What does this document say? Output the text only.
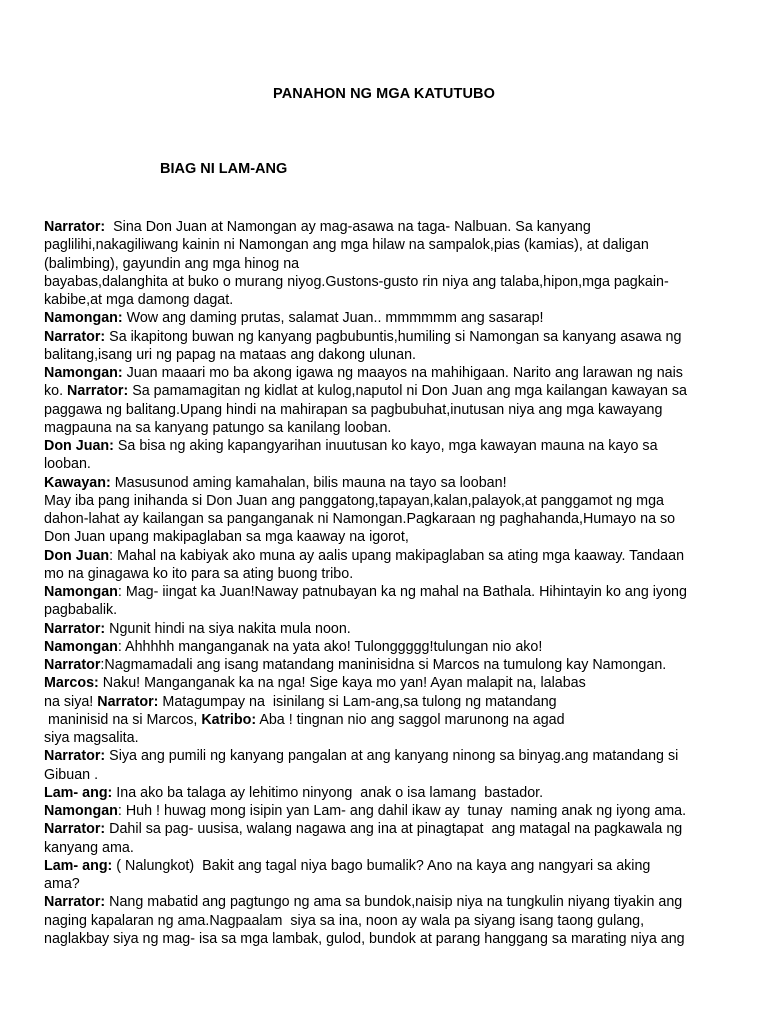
PANAHON NG MGA KATUTUBO
BIAG NI LAM-ANG
Narrator:  Sina Don Juan at Namongan ay mag-asawa na taga- Nalbuan. Sa kanyang
paglilihi,nakagiliwang kainin ni Namongan ang mga hilaw na sampalok,pias (kamias), at daligan
(balimbing), gayundin ang mga hinog na
bayabas,dalanghita at buko o murang niyog.Gustons-gusto rin niya ang talaba,hipon,mga pagkain-
kabibe,at mga damong dagat.
Namongan: Wow ang daming prutas, salamat Juan.. mmmmmm ang sasarap!
Narrator: Sa ikapitong buwan ng kanyang pagbubuntis,humiling si Namongan sa kanyang asawa ng
balitang,isang uri ng papag na mataas ang dakong ulunan.
Namongan: Juan maaari mo ba akong igawa ng maayos na mahihigaan. Narito ang larawan ng nais
ko. Narrator: Sa pamamagitan ng kidlat at kulog,naputol ni Don Juan ang mga kailangan kawayan sa
paggawa ng balitang.Upang hindi na mahirapan sa pagbubuhat,inutusan niya ang mga kawayang
magpauna na sa kanyang patungo sa kanilang looban.
Don Juan: Sa bisa ng aking kapangyarihan inuutusan ko kayo, mga kawayan mauna na kayo sa
looban.
Kawayan: Masusunod aming kamahalan, bilis mauna na tayo sa looban!
May iba pang inihanda si Don Juan ang panggatong,tapayan,kalan,palayok,at panggamot ng mga
dahon-lahat ay kailangan sa panganganak ni Namongan.Pagkaraan ng paghahanda,Humayo na so
Don Juan upang makipaglaban sa mga kaaway na igorot,
Don Juan: Mahal na kabiyak ako muna ay aalis upang makipaglaban sa ating mga kaaway. Tandaan
mo na ginagawa ko ito para sa ating buong tribo.
Namongan: Mag- iingat ka Juan!Naway patnubayan ka ng mahal na Bathala. Hihintayin ko ang iyong
pagbabalik.
Narrator: Ngunit hindi na siya nakita mula noon.
Namongan: Ahhhhh manganganak na yata ako! Tulonggggg!tulungan nio ako!
Narrator:Nagmamadali ang isang matandang maninisidna si Marcos na tumulong kay Namongan.
Marcos: Naku! Manganganak ka na nga! Sige kaya mo yan! Ayan malapit na, lalabas
na siya! Narrator: Matagumpay na  isinilang si Lam-ang,sa tulong ng matandang
maninisid na si Marcos, Katribo: Aba ! tingnan nio ang saggol marunong na agad
siya magsalita.
Narrator: Siya ang pumili ng kanyang pangalan at ang kanyang ninong sa binyag.ang matandang si
Gibuan .
Lam- ang: Ina ako ba talaga ay lehitimo ninyong  anak o isa lamang  bastador.
Namongan: Huh ! huwag mong isipin yan Lam- ang dahil ikaw ay  tunay  naming anak ng iyong ama.
Narrator: Dahil sa pag- uusisa, walang nagawa ang ina at pinagtapat  ang matagal na pagkawala ng
kanyang ama.
Lam- ang: ( Nalungkot)  Bakit ang tagal niya bago bumalik? Ano na kaya ang nangyari sa aking
ama?
Narrator: Nang mabatid ang pagtungo ng ama sa bundok,naisip niya na tungkulin niyang tiyakin ang
naging kapalaran ng ama.Nagpaalam  siya sa ina, noon ay wala pa siyang isang taong gulang,
naglakbay siya ng mag- isa sa mga lambak, gulod, bundok at parang hanggang sa marating niya ang
